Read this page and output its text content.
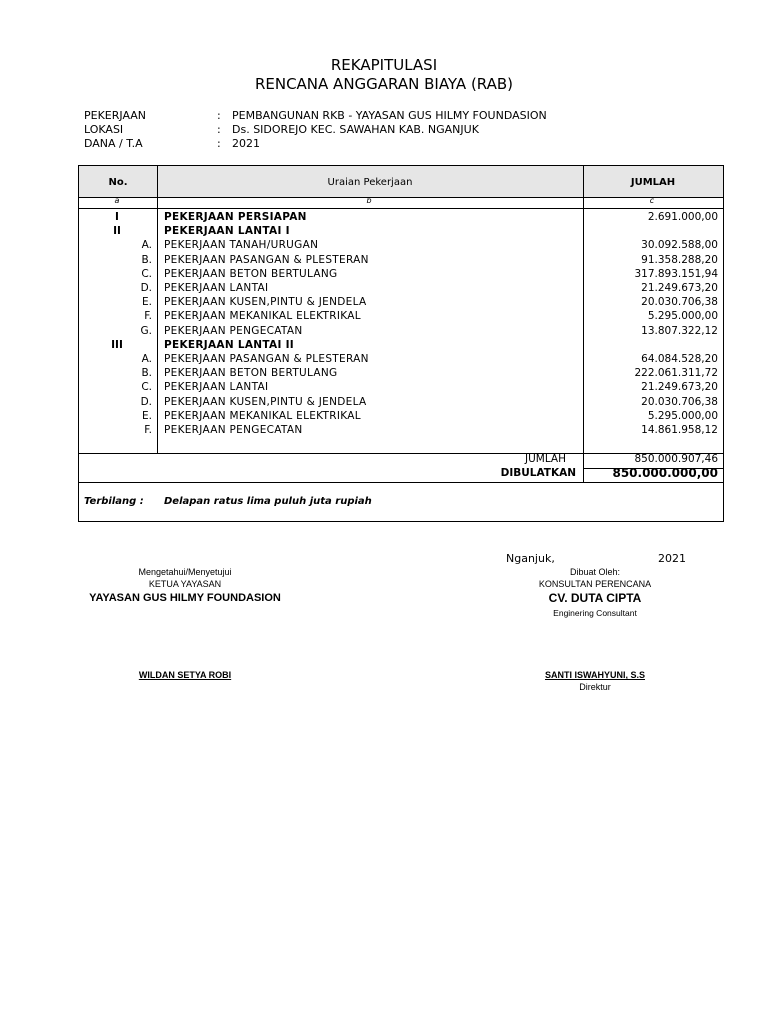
REKAPITULASI
RENCANA ANGGARAN BIAYA (RAB)
PEKERJAAN	: PEMBANGUNAN RKB - YAYASAN GUS HILMY FOUNDASION
LOKASI	: Ds. SIDOREJO KEC. SAWAHAN KAB. NGANJUK
DANA / T.A	: 2021
No.	Uraian Pekerjaan	JUMLAH
a	b	c
I	PEKERJAAN PERSIAPAN	2.691.000,00
II	PEKERJAAN LANTAI I
A. PEKERJAAN TANAH/URUGAN	30.092.588,00
B. PEKERJAAN PASANGAN & PLESTERAN	91.358.288,20
C. PEKERJAAN BETON BERTULANG	317.893.151,94
D. PEKERJAAN LANTAI	21.249.673,20
E. PEKERJAAN KUSEN,PINTU & JENDELA	20.030.706,38
F. PEKERJAAN MEKANIKAL ELEKTRIKAL	5.295.000,00
G. PEKERJAAN PENGECATAN	13.807.322,12
III	PEKERJAAN LANTAI II
A. PEKERJAAN PASANGAN & PLESTERAN	64.084.528,20
B. PEKERJAAN BETON BERTULANG	222.061.311,72
C. PEKERJAAN LANTAI	21.249.673,20
D. PEKERJAAN KUSEN,PINTU & JENDELA	20.030.706,38
E. PEKERJAAN MEKANIKAL ELEKTRIKAL	5.295.000,00
F. PEKERJAAN PENGECATAN	14.861.958,12
JUMLAH	850.000.907,46
DIBULATKAN	850.000.000,00
Terbilang : Delapan ratus lima puluh juta rupiah
Nganjuk,	2021
Mengetahui/Menyetujui
KETUA YAYASAN
YAYASAN GUS HILMY FOUNDASION
WILDAN SETYA ROBI
Dibuat Oleh:
KONSULTAN PERENCANA
CV. DUTA CIPTA
Enginering Consultant
SANTI ISWAHYUNI, S.S
Direktur
